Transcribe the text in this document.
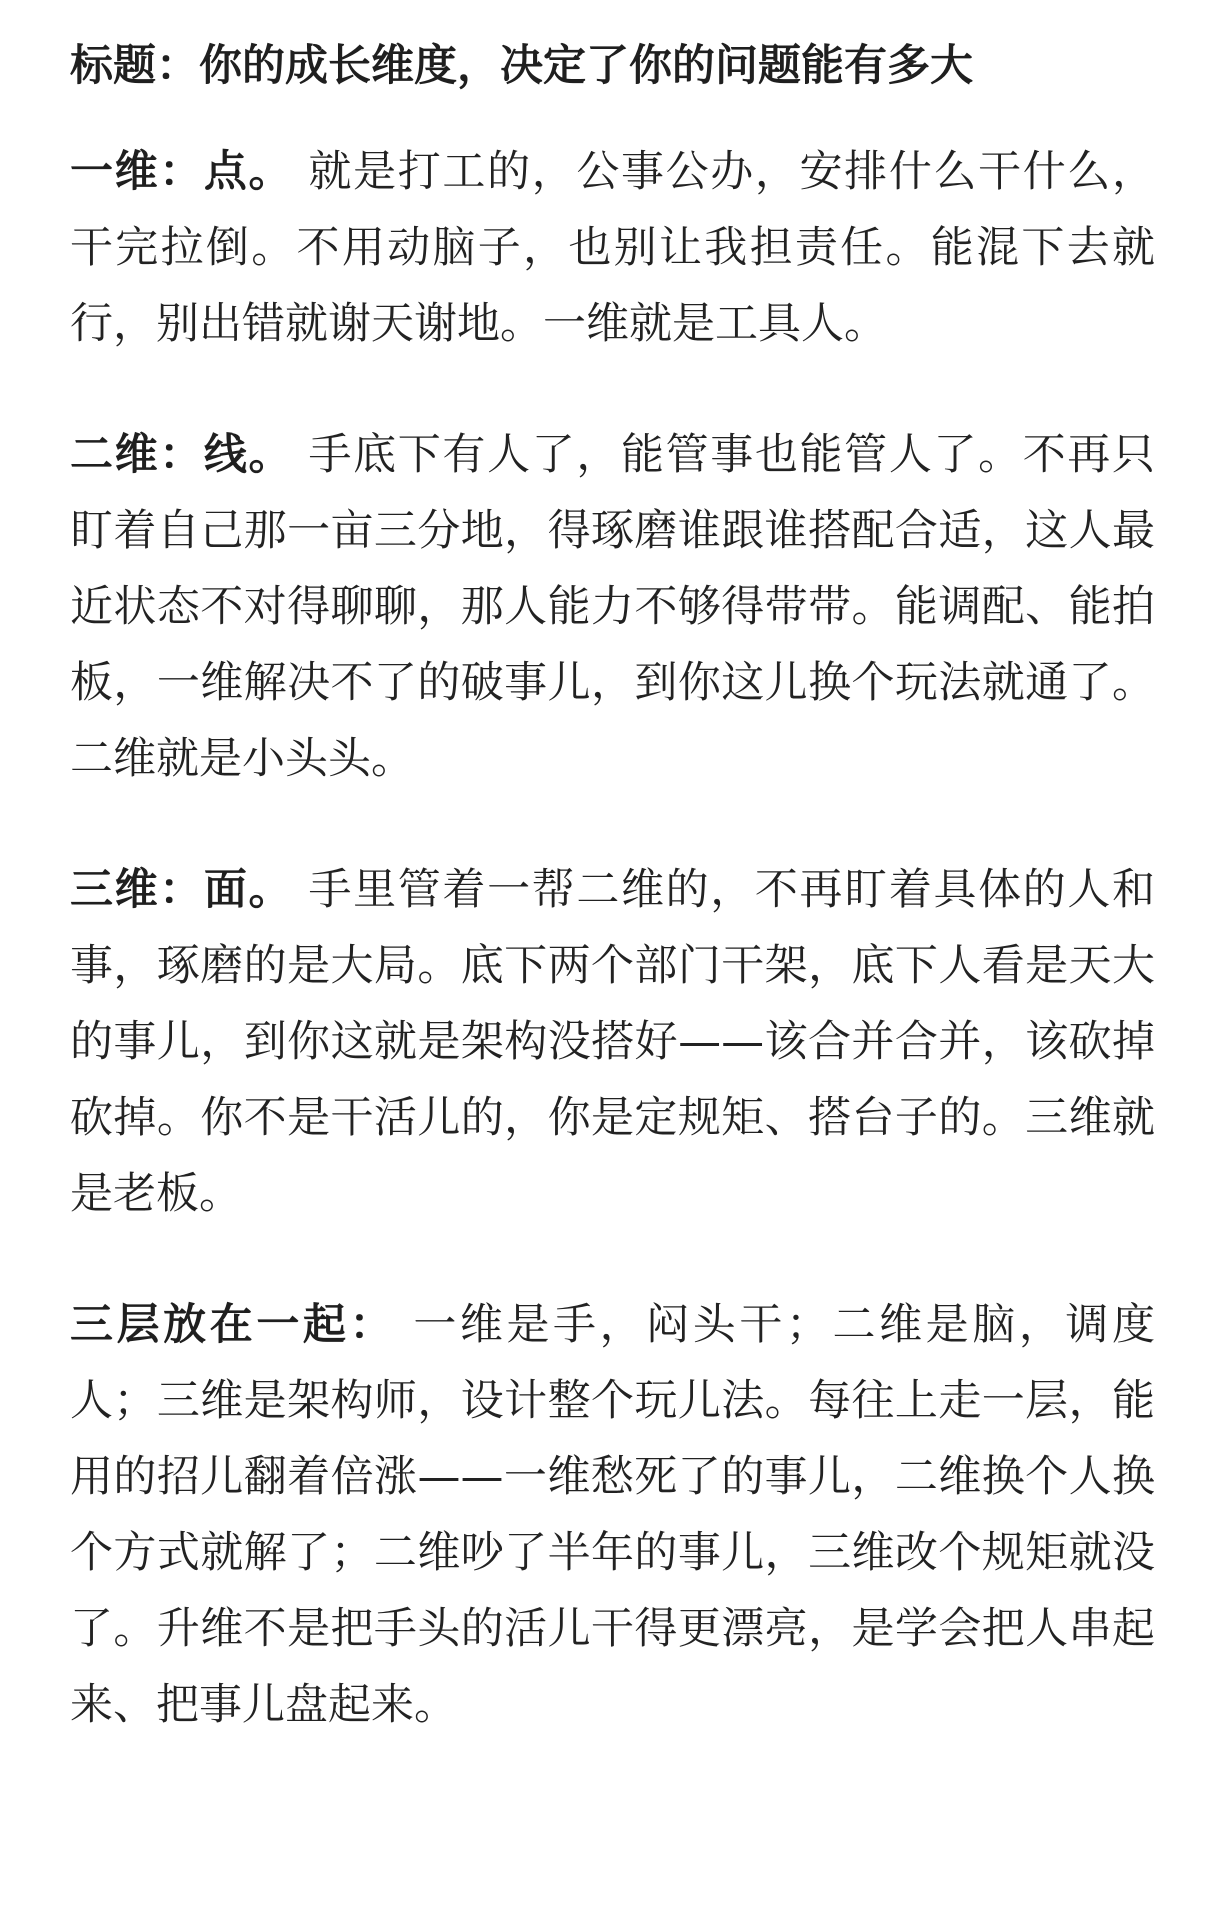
标题：你的成长维度，决定了你的问题能有多大

一维：点。 就是打工的，公事公办，安排什么干什么，干完拉倒。不用动脑子，也别让我担责任。能混下去就行，别出错就谢天谢地。一维就是工具人。

二维：线。 手底下有人了，能管事也能管人了。不再只盯着自己那一亩三分地，得琢磨谁跟谁搭配合适，这人最近状态不对得聊聊，那人能力不够得带带。能调配、能拍板，一维解决不了的破事儿，到你这儿换个玩法就通了。二维就是小头头。

三维：面。 手里管着一帮二维的，不再盯着具体的人和事，琢磨的是大局。底下两个部门干架，底下人看是天大的事儿，到你这就是架构没搭好——该合并合并，该砍掉砍掉。你不是干活儿的，你是定规矩、搭台子的。三维就是老板。

三层放在一起： 一维是手，闷头干；二维是脑，调度人；三维是架构师，设计整个玩儿法。每往上走一层，能用的招儿翻着倍涨——一维愁死了的事儿，二维换个人换个方式就解了；二维吵了半年的事儿，三维改个规矩就没了。升维不是把手头的活儿干得更漂亮，是学会把人串起来、把事儿盘起来。
